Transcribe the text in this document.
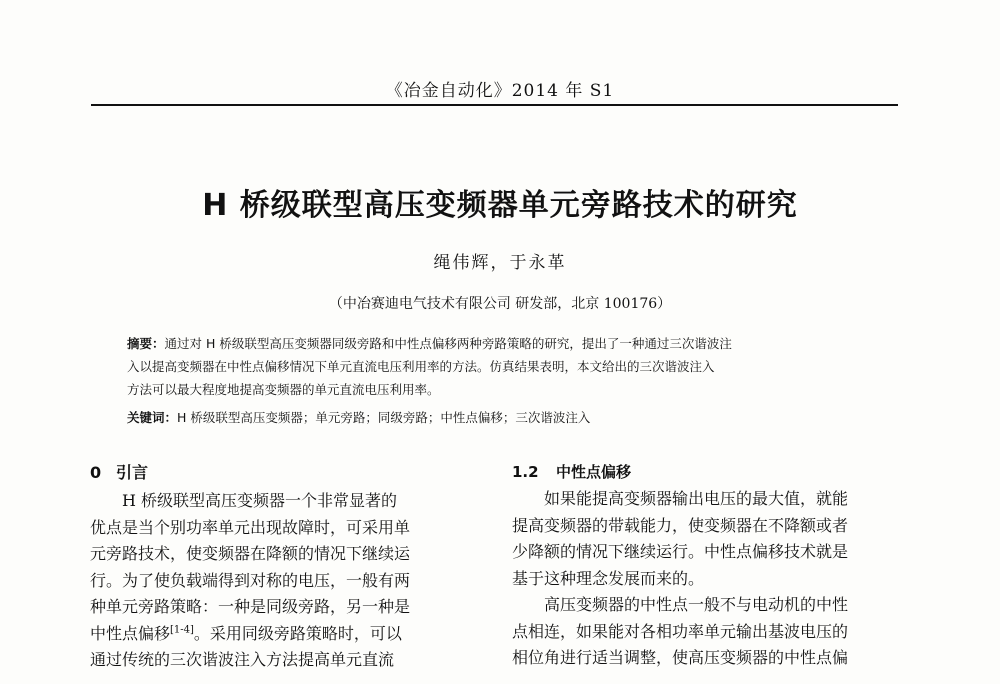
《冶金自动化》2014 年 S1
H 桥级联型高压变频器单元旁路技术的研究
绳伟辉，于永革
（中冶赛迪电气技术有限公司 研发部，北京 100176）
摘要：通过对 H 桥级联型高压变频器同级旁路和中性点偏移两种旁路策略的研究，提出了一种通过三次谐波注
入以提高变频器在中性点偏移情况下单元直流电压利用率的方法。仿真结果表明，本文给出的三次谐波注入
方法可以最大程度地提高变频器的单元直流电压利用率。
关键词：H 桥级联型高压变频器；单元旁路；同级旁路；中性点偏移；三次谐波注入
0 引言
H 桥级联型高压变频器一个非常显著的
优点是当个别功率单元出现故障时，可采用单
元旁路技术，使变频器在降额的情况下继续运
行。为了使负载端得到对称的电压，一般有两
种单元旁路策略：一种是同级旁路，另一种是
中性点偏移[1-4]。采用同级旁路策略时，可以
通过传统的三次谐波注入方法提高单元直流
1.2 中性点偏移
如果能提高变频器输出电压的最大值，就能
提高变频器的带载能力，使变频器在不降额或者
少降额的情况下继续运行。中性点偏移技术就是
基于这种理念发展而来的。
高压变频器的中性点一般不与电动机的中性
点相连，如果能对各相功率单元输出基波电压的
相位角进行适当调整，使高压变频器的中性点偏
